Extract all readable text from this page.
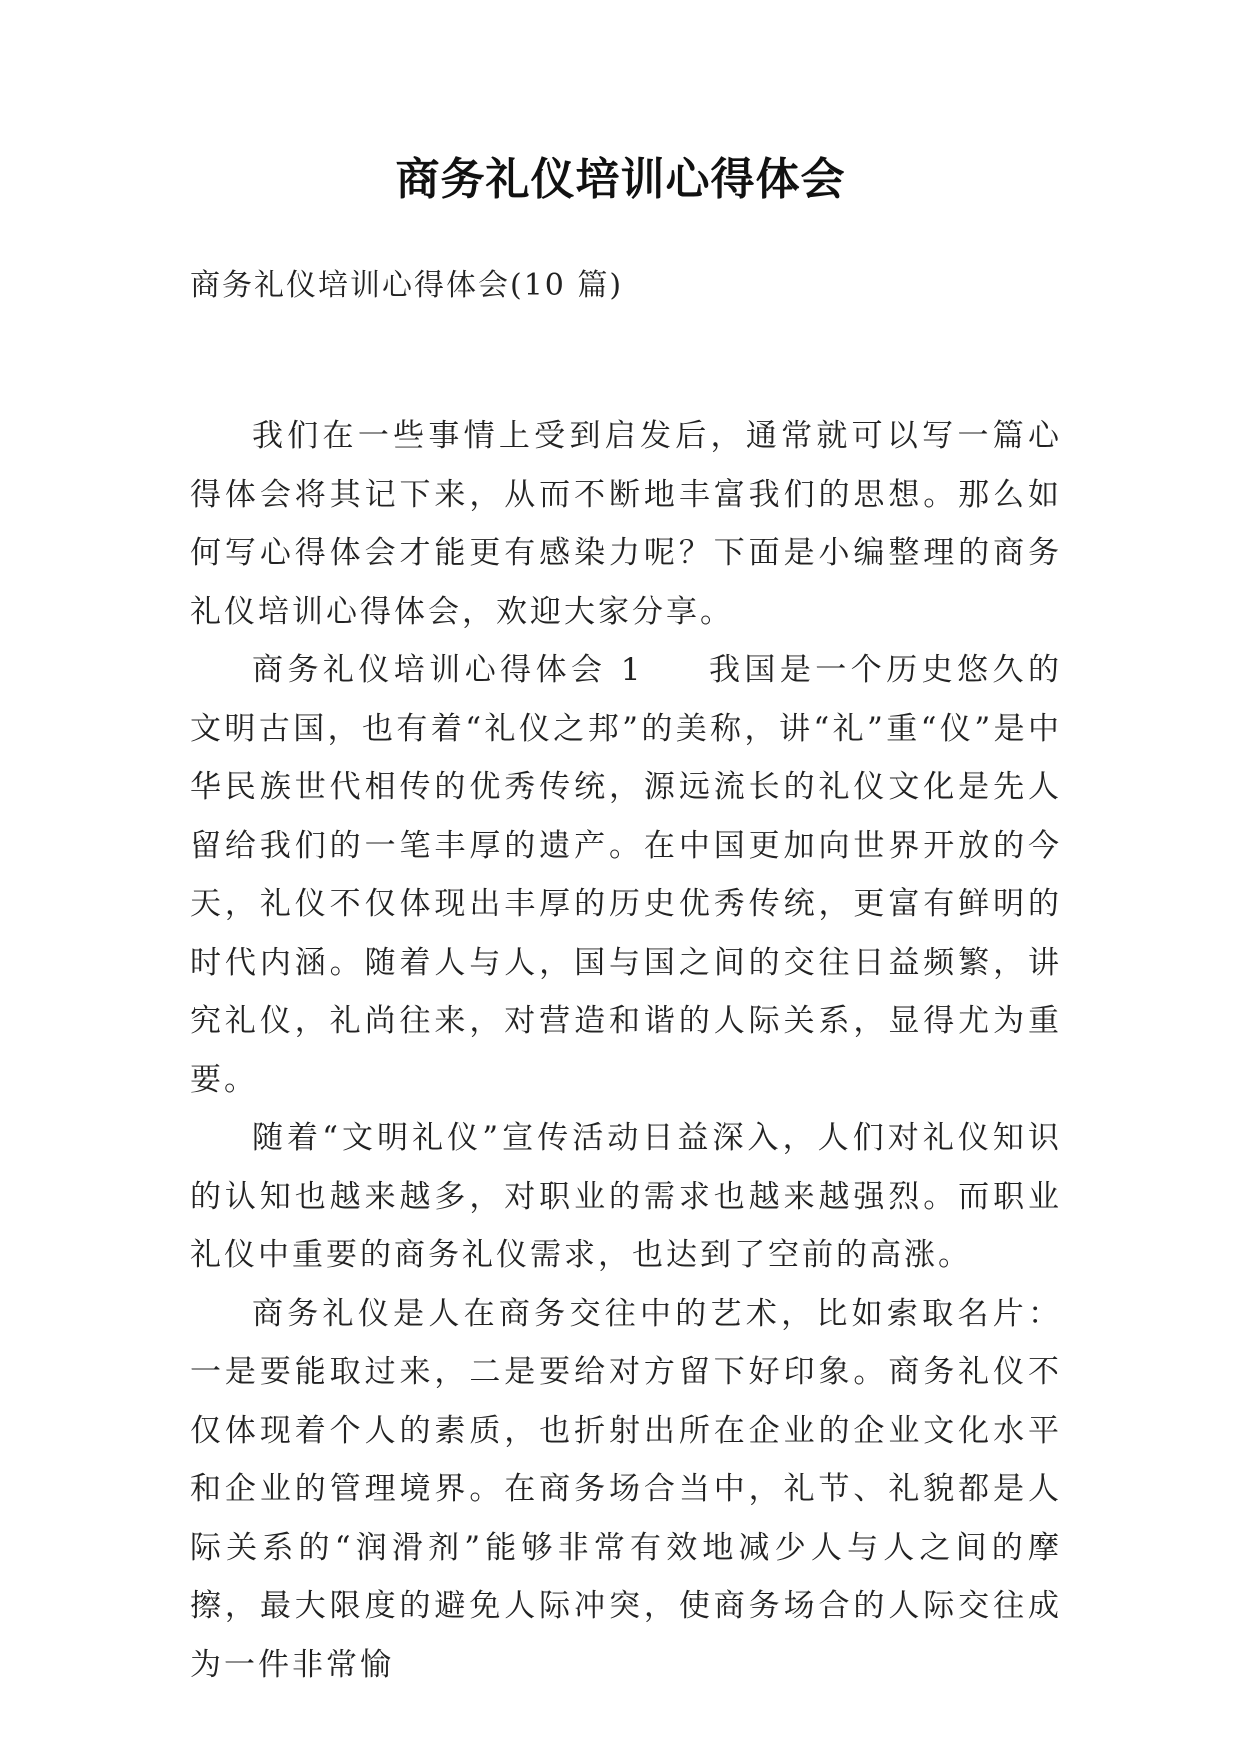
商务礼仪培训心得体会
商务礼仪培训心得体会(10 篇)

我们在一些事情上受到启发后，通常就可以写一篇心得体会将其记下来，从而不断地丰富我们的思想。那么如何写心得体会才能更有感染力呢？下面是小编整理的商务礼仪培训心得体会，欢迎大家分享。

商务礼仪培训心得体会 1 我国是一个历史悠久的文明古国，也有着“礼仪之邦”的美称，讲“礼”重“仪”是中华民族世代相传的优秀传统，源远流长的礼仪文化是先人留给我们的一笔丰厚的遗产。在中国更加向世界开放的今天，礼仪不仅体现出丰厚的历史优秀传统，更富有鲜明的时代内涵。随着人与人，国与国之间的交往日益频繁，讲究礼仪，礼尚往来，对营造和谐的人际关系，显得尤为重要。

随着“文明礼仪”宣传活动日益深入，人们对礼仪知识的认知也越来越多，对职业的需求也越来越强烈。而职业礼仪中重要的商务礼仪需求，也达到了空前的高涨。

商务礼仪是人在商务交往中的艺术，比如索取名片：一是要能取过来，二是要给对方留下好印象。商务礼仪不仅体现着个人的素质，也折射出所在企业的企业文化水平和企业的管理境界。在商务场合当中，礼节、礼貌都是人际关系的“润滑剂”能够非常有效地减少人与人之间的摩擦，最大限度的避免人际冲突，使商务场合的人际交往成为一件非常愉
